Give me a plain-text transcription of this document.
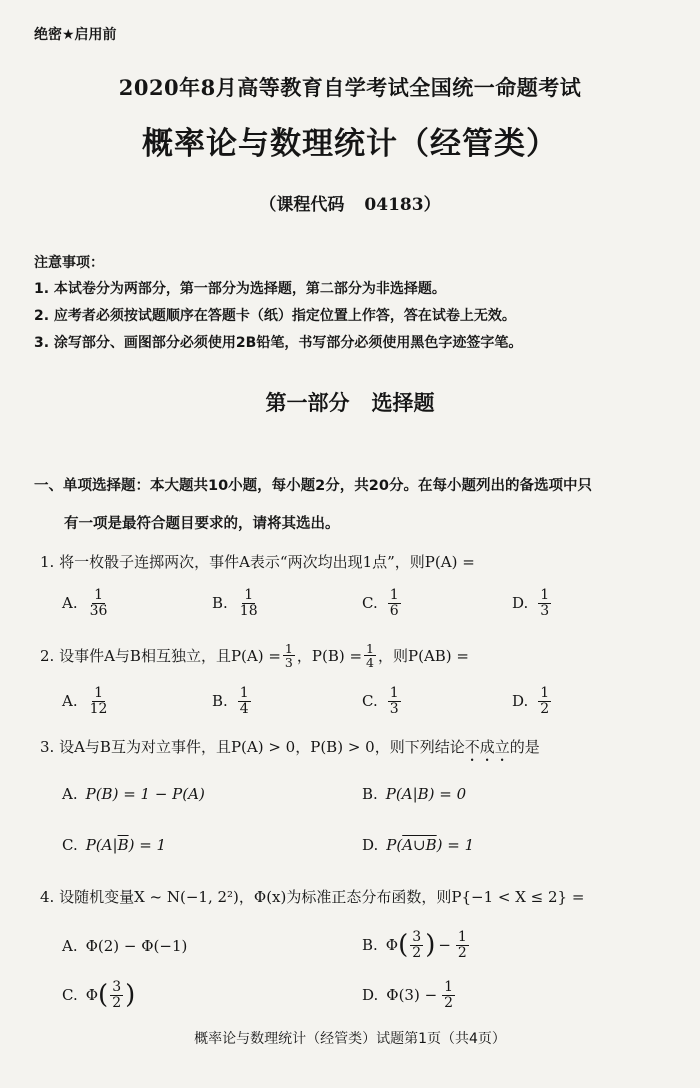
绝密★启用前
2020年8月高等教育自学考试全国统一命题考试
概率论与数理统计（经管类）
（课程代码 04183）
注意事项：
1. 本试卷分为两部分，第一部分为选择题，第二部分为非选择题。
2. 应考者必须按试题顺序在答题卡（纸）指定位置上作答，答在试卷上无效。
3. 涂写部分、画图部分必须使用2B铅笔，书写部分必须使用黑色字迹签字笔。
第一部分 选择题
一、单项选择题：本大题共10小题，每小题2分，共20分。在每小题列出的备选项中只
有一项是最符合题目要求的，请将其选出。
1. 将一枚骰子连掷两次，事件A表示“两次均出现1点”，则P(A) =
A. $\frac{1}{36}$	B. $\frac{1}{18}$	C. $\frac{1}{6}$	D. $\frac{1}{3}$
2.
设事件A与B相互独立，且$P(A) = \frac{1}{3}$ ，$P(B) = \frac{1}{4}$ ，则P(AB) =
A. $\frac{1}{12}$	B. $\frac{1}{4}$	C. $\frac{1}{3}$	D. $\frac{1}{2}$
3. 设A与B互为对立事件，且P(A) > 0，P(B) > 0，则下列结论不成立的是
A. P(B) = 1 − P(A)	B. P(A|B) = 0
C. $P(A|\overline{B}) = 1$	D. P(A∪B) = 1
4. 设随机变量X ~ N(−1, 2²)，Φ(x)为标准正态分布函数，则P{−1 < X ≤ 2} =
A. Φ(2) − Φ(−1)	B. Φ ( $\frac{3}{2}$ ) − $\frac{1}{2}$
C. Φ ( $\frac{3}{2}$ )	D. $\Phi(3) - \frac{1}{2}$
概率论与数理统计（经管类）试题第1页（共4页）
